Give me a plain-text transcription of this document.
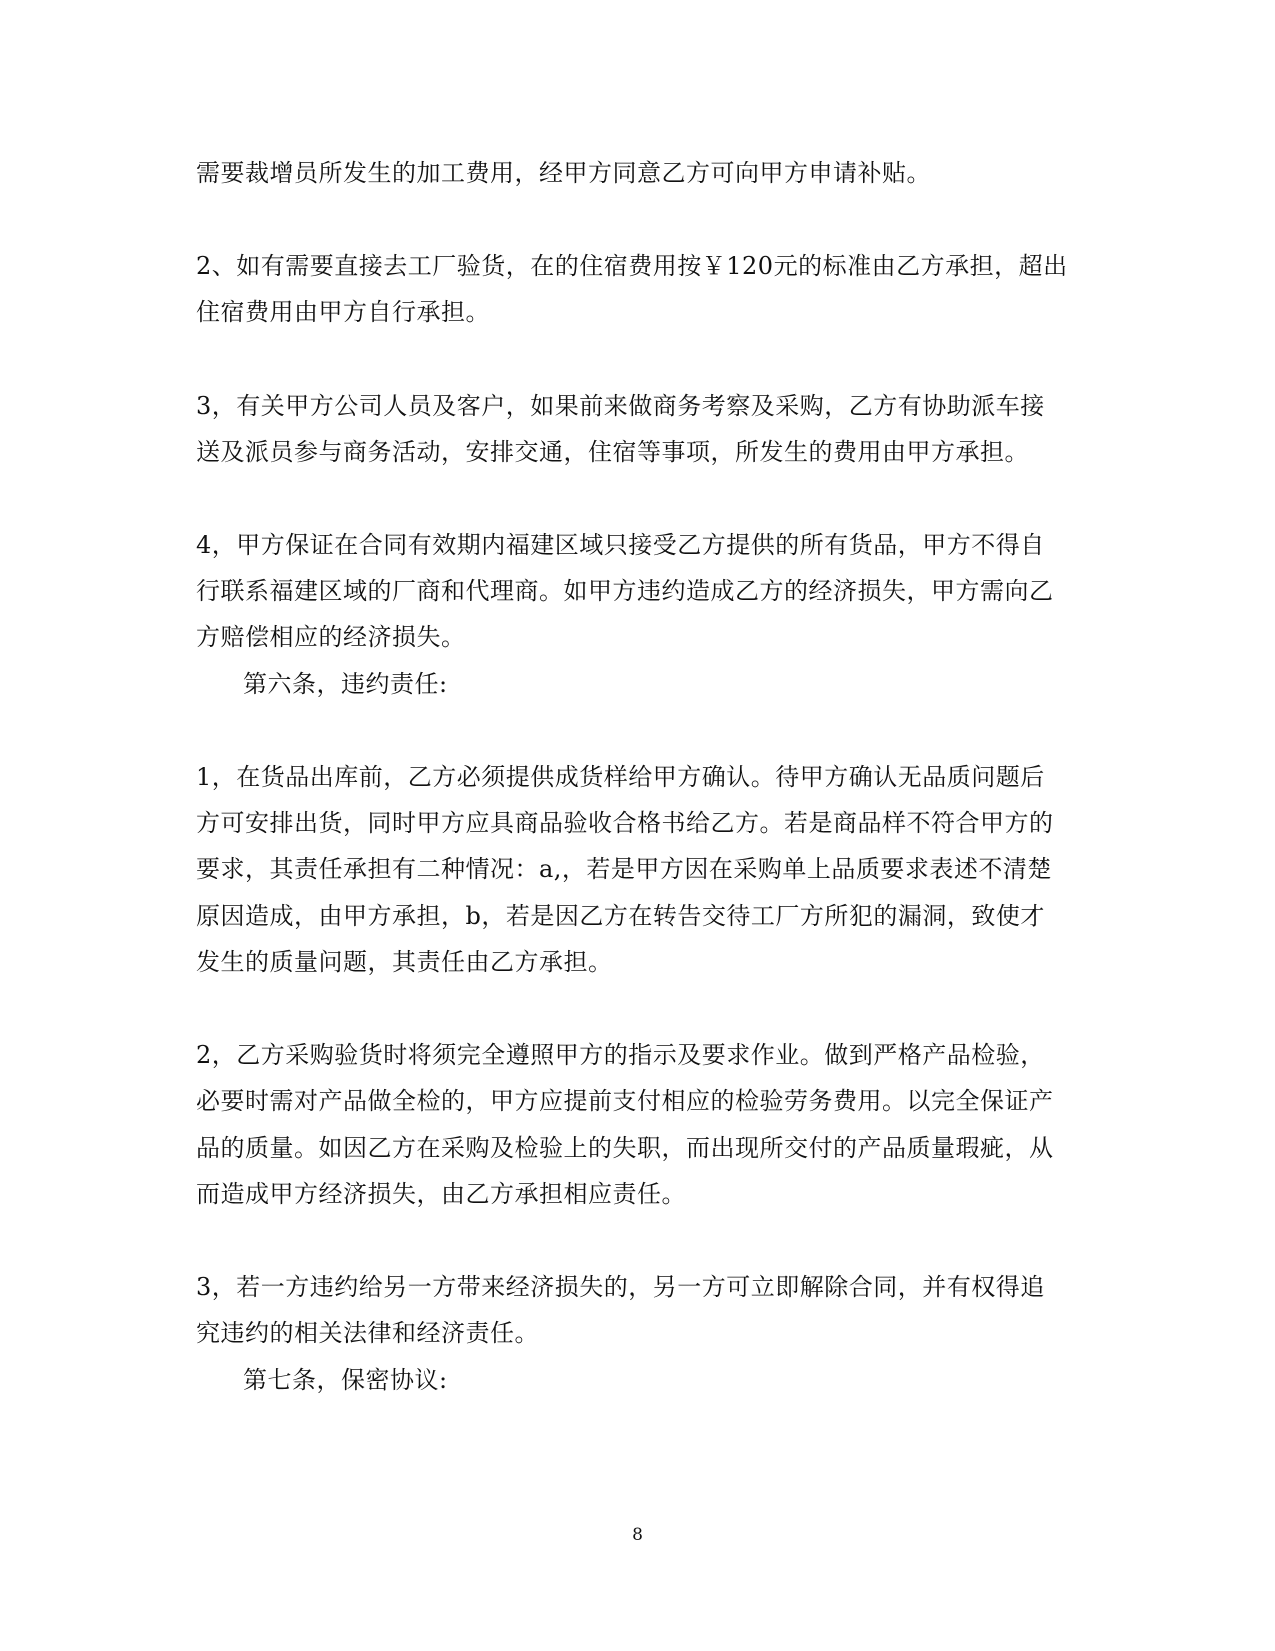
需要裁增员所发生的加工费用，经甲方同意乙方可向甲方申请补贴。
2、如有需要直接去工厂验货，在的住宿费用按￥120元的标准由乙方承担，超出
住宿费用由甲方自行承担。
3，有关甲方公司人员及客户，如果前来做商务考察及采购，乙方有协助派车接
送及派员参与商务活动，安排交通，住宿等事项，所发生的费用由甲方承担。
4，甲方保证在合同有效期内福建区域只接受乙方提供的所有货品，甲方不得自
行联系福建区域的厂商和代理商。如甲方违约造成乙方的经济损失，甲方需向乙
方赔偿相应的经济损失。
第六条，违约责任:
1，在货品出库前，乙方必须提供成货样给甲方确认。待甲方确认无品质问题后
方可安排出货，同时甲方应具商品验收合格书给乙方。若是商品样不符合甲方的
要求，其责任承担有二种情况：a,，若是甲方因在采购单上品质要求表述不清楚
原因造成，由甲方承担，b，若是因乙方在转告交待工厂方所犯的漏洞，致使才
发生的质量问题，其责任由乙方承担。
2，乙方采购验货时将须完全遵照甲方的指示及要求作业。做到严格产品检验，
必要时需对产品做全检的，甲方应提前支付相应的检验劳务费用。以完全保证产
品的质量。如因乙方在采购及检验上的失职，而出现所交付的产品质量瑕疵，从
而造成甲方经济损失，由乙方承担相应责任。
3，若一方违约给另一方带来经济损失的，另一方可立即解除合同，并有权得追
究违约的相关法律和经济责任。
第七条，保密协议:
8
